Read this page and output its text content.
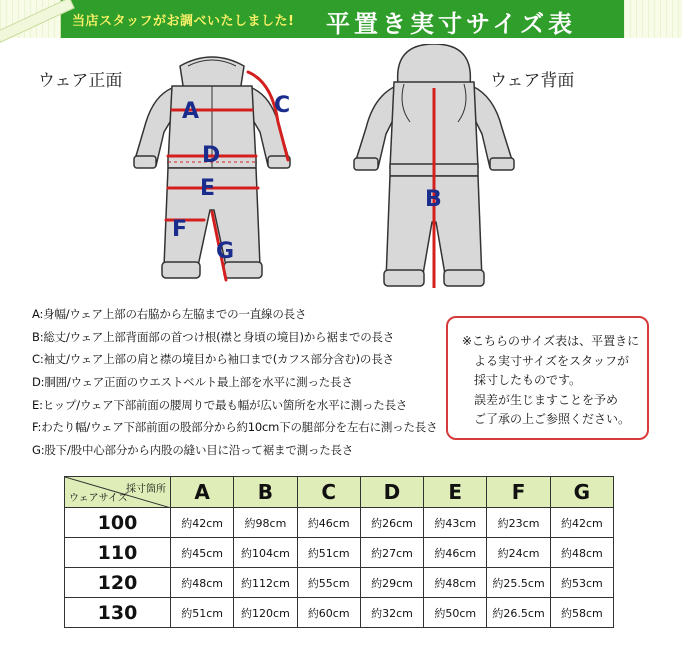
当店スタッフがお調べいたしました! 平置き実寸サイズ表
ウェア正面	ウェア背面
A	C
D
E
F
G
B
A:身幅/ウェア上部の右脇から左脇までの一直線の長さ
B:総丈/ウェア上部背面部の首つけ根(襟と身頃の境目)から裾までの長さ
C:袖丈/ウェア上部の肩と襟の境目から袖口まで(カフス部分含む)の長さ
D:胴囲/ウェア正面のウエストベルト最上部を水平に測った長さ
E:ヒップ/ウェア下部前面の腰周りで最も幅が広い箇所を水平に測った長さ
F:わたり幅/ウェア下部前面の股部分から約10cm下の腿部分を左右に測った長さ
G:股下/股中心部分から内股の縫い目に沿って裾まで測った長さ
※こちらのサイズ表は、平置きに
よる実寸サイズをスタッフが
採寸したものです。
誤差が生じますことを予め
ご了承の上ご参照ください。
採寸箇所
ウェアサイズ	A	B	C	D	E	F	G
100	約42cm	約98cm	約46cm	約26cm	約43cm	約23cm	約42cm
110	約45cm	約104cm	約51cm	約27cm	約46cm	約24cm	約48cm
120	約48cm	約112cm	約55cm	約29cm	約48cm	約25.5cm	約53cm
130	約51cm	約120cm	約60cm	約32cm	約50cm	約26.5cm	約58cm
